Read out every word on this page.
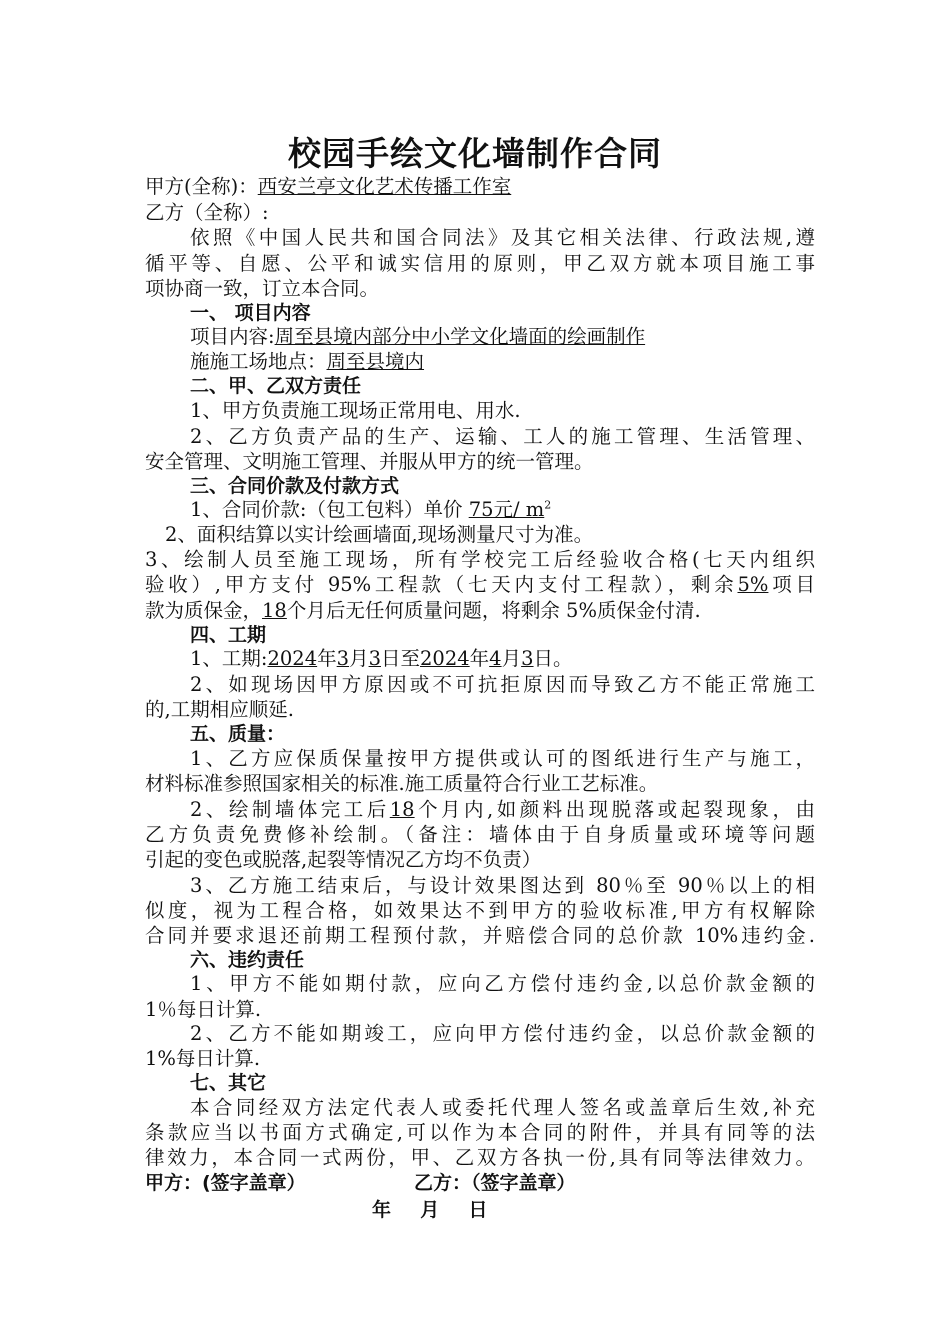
校园手绘文化墙制作合同
甲方(全称)：西安兰亭文化艺术传播工作室
乙方（全称）:
依照《中国人民共和国合同法》及其它相关法律、行政法规,遵
循平等、自愿、公平和诚实信用的原则，甲乙双方就本项目施工事
项协商一致，订立本合同。
一、 项目内容
项目内容:周至县境内部分中小学文化墙面的绘画制作
施施工场地点：周至县境内
二、甲、乙双方责任
1、甲方负责施工现场正常用电、用水.
2、乙方负责产品的生产、运输、工人的施工管理、生活管理、
安全管理、文明施工管理、并服从甲方的统一管理。
三、合同价款及付款方式
1、合同价款:（包工包料）单价 75元/ $m^2$
2、面积结算以实计绘画墙面,现场测量尺寸为准。
3、绘制人员至施工现场，所有学校完工后经验收合格(七天内组织
验收）,甲方支付 95%工程款（七天内支付工程款），剩余5%项目
款为质保金，18个月后无任何质量问题，将剩余 5%质保金付清.
四、工期
1、工期:2024年3月3日至2024年4月3日。
2、如现场因甲方原因或不可抗拒原因而导致乙方不能正常施工
的,工期相应顺延.
五、质量：
1、乙方应保质保量按甲方提供或认可的图纸进行生产与施工，
材料标准参照国家相关的标准.施工质量符合行业工艺标准。
2、绘制墙体完工后18个月内,如颜料出现脱落或起裂现象，由
乙方负责免费修补绘制。（备注：墙体由于自身质量或环境等问题
引起的变色或脱落,起裂等情况乙方均不负责）
3、乙方施工结束后，与设计效果图达到 80％至 90％以上的相
似度，视为工程合格，如效果达不到甲方的验收标准,甲方有权解除
合同并要求退还前期工程预付款，并赔偿合同的总价款 10%违约金.
六、违约责任
1、甲方不能如期付款，应向乙方偿付违约金,以总价款金额的
1％每日计算.
2、乙方不能如期竣工，应向甲方偿付违约金，以总价款金额的
1%每日计算.
七、其它
本合同经双方法定代表人或委托代理人签名或盖章后生效,补充
条款应当以书面方式确定,可以作为本合同的附件，并具有同等的法
律效力，本合同一式两份，甲、乙双方各执一份,具有同等法律效力。
甲方：(签字盖章）	乙方：（签字盖章）
年  月  日
